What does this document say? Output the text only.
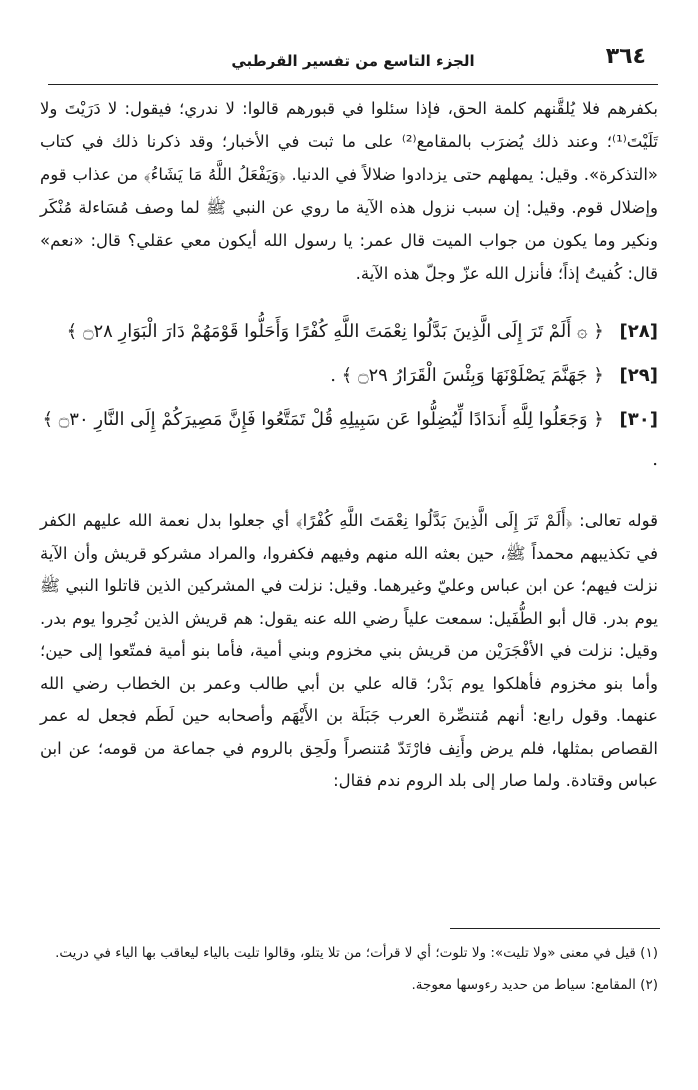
٣٦٤
الجزء التاسع من تفسير القرطبي

بكفرهم فلا يُلقَّنهم كلمة الحق، فإذا سئلوا في قبورهم قالوا: لا ندري؛ فيقول: لا دَرَيْتَ ولا تَلَيْتَ⁽¹⁾؛ وعند ذلك يُضرَب بالمقامع⁽²⁾ على ما ثبت في الأخبار؛ وقد ذكرنا ذلك في كتاب «التذكرة». وقيل: يمهلهم حتى يزدادوا ضلالاً في الدنيا. ﴿وَيَفْعَلُ اللَّهُ مَا يَشَاءُ﴾ من عذاب قوم وإضلال قوم. وقيل: إن سبب نزول هذه الآية ما روي عن النبي ﷺ لما وصف مُسَاءلة مُنْكَر ونكير وما يكون من جواب الميت قال عمر: يا رسول الله أيكون معي عقلي؟ قال: «نعم» قال: كُفيتُ إذاً؛ فأنزل الله عزّ وجلّ هذه الآية.

[٢٨] ﴿ ۞ أَلَمْ تَرَ إِلَى الَّذِينَ بَدَّلُوا نِعْمَتَ اللَّهِ كُفْرًا وَأَحَلُّوا قَوْمَهُمْ دَارَ الْبَوَارِ ۝٢٨ ﴾

[٢٩] ﴿ جَهَنَّمَ يَصْلَوْنَهَا وَبِئْسَ الْقَرَارُ ۝٢٩ ﴾ .

[٣٠] ﴿ وَجَعَلُوا لِلَّهِ أَندَادًا لِّيُضِلُّوا عَن سَبِيلِهِ قُلْ تَمَتَّعُوا فَإِنَّ مَصِيرَكُمْ إِلَى النَّارِ ۝٣٠ ﴾ .

قوله تعالى: ﴿أَلَمْ تَرَ إِلَى الَّذِينَ بَدَّلُوا نِعْمَتَ اللَّهِ كُفْرًا﴾ أي جعلوا بدل نعمة الله عليهم الكفر في تكذيبهم محمداً ﷺ، حين بعثه الله منهم وفيهم فكفروا، والمراد مشركو قريش وأن الآية نزلت فيهم؛ عن ابن عباس وعليّ وغيرهما. وقيل: نزلت في المشركين الذين قاتلوا النبي ﷺ يوم بدر. قال أبو الطُّفَيل: سمعت علياً رضي الله عنه يقول: هم قريش الذين نُحِروا يوم بدر. وقيل: نزلت في الأفْجَرَيْن من قريش بني مخزوم وبني أمية، فأما بنو أمية فمتّعوا إلى حين؛ وأما بنو مخزوم فأهلكوا يوم بَدْر؛ قاله علي بن أبي طالب وعمر بن الخطاب رضي الله عنهما. وقول رابع: أنهم مُتنصِّرة العرب جَبَلَة بن الأَيْهَم وأصحابه حين لَطَم فجعل له عمر القصاص بمثلها، فلم يرض وأَنِف فارْتَدّ مُتنصراً ولَحِق بالروم في جماعة من قومه؛ عن ابن عباس وقتادة. ولما صار إلى بلد الروم ندم فقال:

(١) قيل في معنى «ولا تليت»: ولا تلوت؛ أي لا قرأت؛ من تلا يتلو، وقالوا تليت بالياء ليعاقب بها الياء في دريت.

(٢) المقامع: سياط من حديد رءوسها معوجة.
